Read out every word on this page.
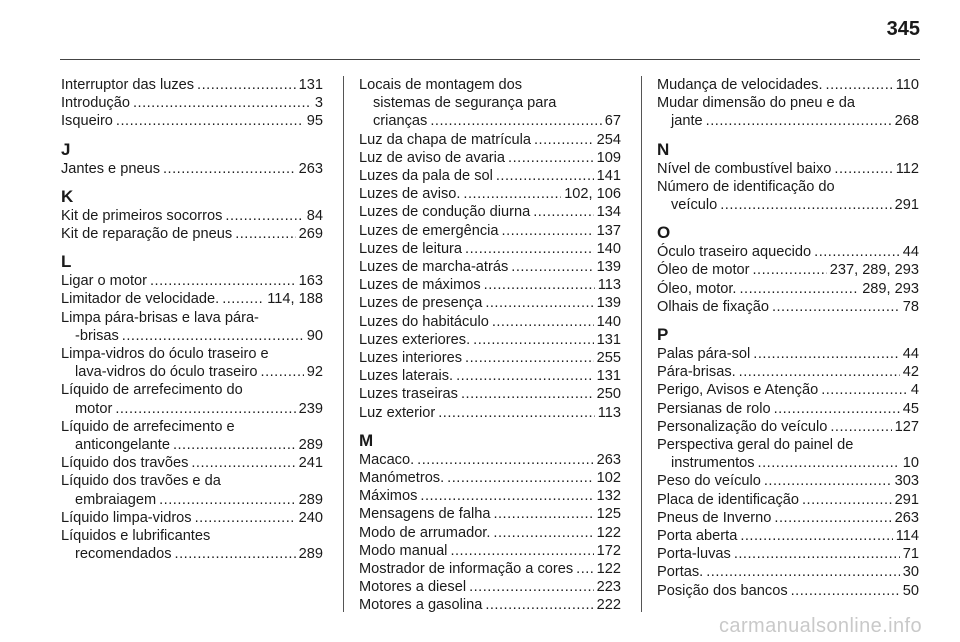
345
Interruptor das luzes .....	131
Introdução .....	3
Isqueiro .....	95
J
Jantes e pneus .....	263
K
Kit de primeiros socorros .....	84
Kit de reparação de pneus .....	269
L
Ligar o motor .....	163
Limitador de velocidade. .....	114, 188
Limpa pára-brisas e lava pára-
-brisas .....	90
Limpa-vidros do óculo traseiro e
lava-vidros do óculo traseiro .....	92
Líquido de arrefecimento do
motor .....	239
Líquido de arrefecimento e
anticongelante .....	289
Líquido dos travões .....	241
Líquido dos travões e da
embraiagem .....	289
Líquido limpa-vidros .....	240
Líquidos e lubrificantes
recomendados .....	289
Locais de montagem dos
sistemas de segurança para
crianças .....	67
Luz da chapa de matrícula .....	254
Luz de aviso de avaria .....	109
Luzes da pala de sol .....	141
Luzes de aviso. .....	102, 106
Luzes de condução diurna .....	134
Luzes de emergência .....	137
Luzes de leitura .....	140
Luzes de marcha-atrás .....	139
Luzes de máximos .....	113
Luzes de presença .....	139
Luzes do habitáculo .....	140
Luzes exteriores. .....	131
Luzes interiores .....	255
Luzes laterais. .....	131
Luzes traseiras .....	250
Luz exterior .....	113
M
Macaco. .....	263
Manómetros. .....	102
Máximos .....	132
Mensagens de falha .....	125
Modo de arrumador. .....	122
Modo manual .....	172
Mostrador de informação a cores ..... 122
Motores a diesel .....	223
Motores a gasolina .....	222
Mudança de velocidades. .....	110
Mudar dimensão do pneu e da
jante .....	268
N
Nível de combustível baixo .....	112
Número de identificação do
veículo .....	291
O
Óculo traseiro aquecido .....	44
Óleo de motor .....	237, 289, 293
Óleo, motor. .....	289, 293
Olhais de fixação .....	78
P
Palas pára-sol .....	44
Pára-brisas. .....	42
Perigo, Avisos e Atenção .....	4
Persianas de rolo .....	45
Personalização do veículo .....	127
Perspectiva geral do painel de
instrumentos .....	10
Peso do veículo .....	303
Placa de identificação .....	291
Pneus de Inverno .....	263
Porta aberta .....	114
Porta-luvas .....	71
Portas. .....	30
Posição dos bancos .....	50
carmanualsonline.info
